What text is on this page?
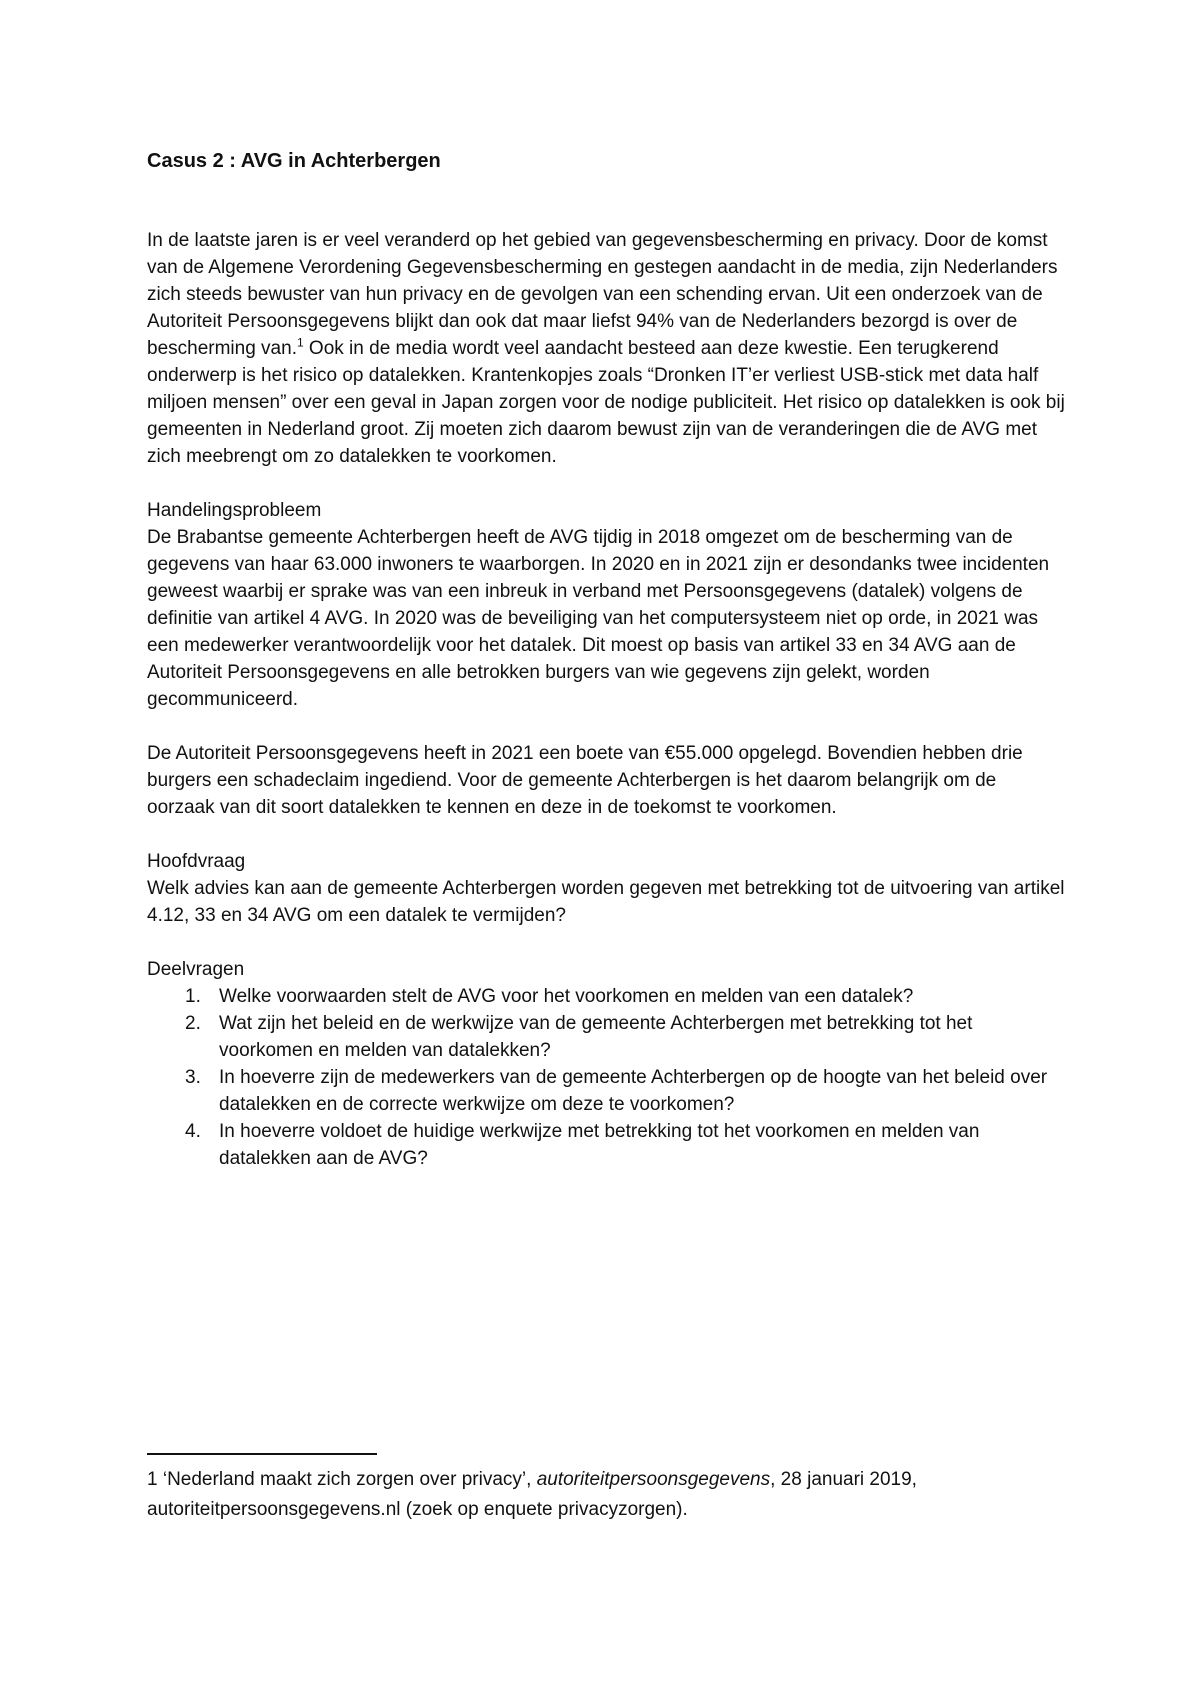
Casus 2 : AVG in Achterbergen

In de laatste jaren is er veel veranderd op het gebied van gegevensbescherming en privacy. Door de komst van de Algemene Verordening Gegevensbescherming en gestegen aandacht in de media, zijn Nederlanders zich steeds bewuster van hun privacy en de gevolgen van een schending ervan. Uit een onderzoek van de Autoriteit Persoonsgegevens blijkt dan ook dat maar liefst 94% van de Nederlanders bezorgd is over de bescherming van.$^1$ Ook in de media wordt veel aandacht besteed aan deze kwestie. Een terugkerend onderwerp is het risico op datalekken. Krantenkopjes zoals “Dronken IT’er verliest USB-stick met data half miljoen mensen” over een geval in Japan zorgen voor de nodige publiciteit. Het risico op datalekken is ook bij gemeenten in Nederland groot. Zij moeten zich daarom bewust zijn van de veranderingen die de AVG met zich meebrengt om zo datalekken te voorkomen.

Handelingsprobleem

De Brabantse gemeente Achterbergen heeft de AVG tijdig in 2018 omgezet om de bescherming van de gegevens van haar 63.000 inwoners te waarborgen. In 2020 en in 2021 zijn er desondanks twee incidenten geweest waarbij er sprake was van een inbreuk in verband met Persoonsgegevens (datalek) volgens de definitie van artikel 4 AVG. In 2020 was de beveiliging van het computersysteem niet op orde, in 2021 was een medewerker verantwoordelijk voor het datalek. Dit moest op basis van artikel 33 en 34 AVG aan de Autoriteit Persoonsgegevens en alle betrokken burgers van wie gegevens zijn gelekt, worden gecommuniceerd.

De Autoriteit Persoonsgegevens heeft in 2021 een boete van €55.000 opgelegd. Bovendien hebben drie burgers een schadeclaim ingediend. Voor de gemeente Achterbergen is het daarom belangrijk om de oorzaak van dit soort datalekken te kennen en deze in de toekomst te voorkomen.

Hoofdvraag

Welk advies kan aan de gemeente Achterbergen worden gegeven met betrekking tot de uitvoering van artikel 4.12, 33 en 34 AVG om een datalek te vermijden?

Deelvragen
1. Welke voorwaarden stelt de AVG voor het voorkomen en melden van een datalek?
2. Wat zijn het beleid en de werkwijze van de gemeente Achterbergen met betrekking tot het voorkomen en melden van datalekken?
3. In hoeverre zijn de medewerkers van de gemeente Achterbergen op de hoogte van het beleid over datalekken en de correcte werkwijze om deze te voorkomen?
4. In hoeverre voldoet de huidige werkwijze met betrekking tot het voorkomen en melden van datalekken aan de AVG?
1 ‘Nederland maakt zich zorgen over privacy’, autoriteitpersoonsgegevens, 28 januari 2019, autoriteitpersoonsgegevens.nl (zoek op enquete privacyzorgen).
